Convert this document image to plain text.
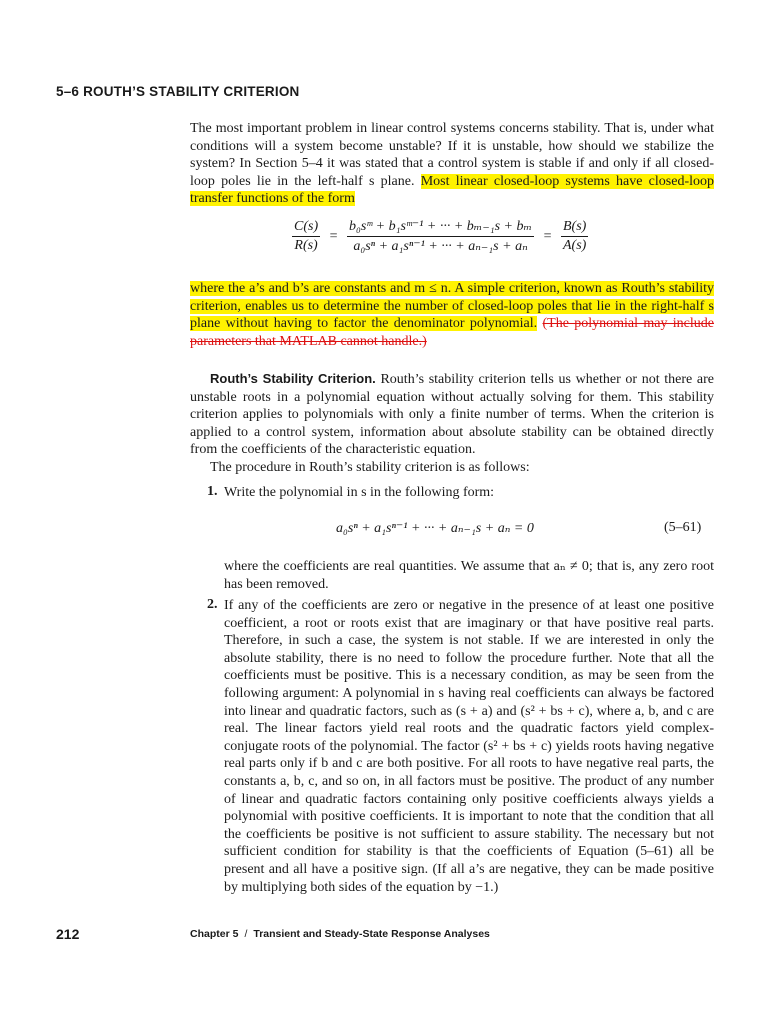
5–6 ROUTH’S STABILITY CRITERION
The most important problem in linear control systems concerns stability. That is, under what conditions will a system become unstable? If it is unstable, how should we stabilize the system? In Section 5–4 it was stated that a control system is stable if and only if all closed-loop poles lie in the left-half s plane. Most linear closed-loop systems have closed-loop transfer functions of the form
$\frac{C(s)}{R(s)} = \frac{\text{b₀sᵐ + b₁sᵐ⁻¹ + ··· + bₘ₋₁s + bₘ}}{\text{a₀sⁿ + a₁sⁿ⁻¹ + ··· + aₙ₋₁s + aₙ}} = \frac{B(s)}{A(s)}$
where the a’s and b’s are constants and m ≤ n. A simple criterion, known as Routh’s stability criterion, enables us to determine the number of closed-loop poles that lie in the right-half s plane without having to factor the denominator polynomial. (The polynomial may include parameters that MATLAB cannot handle.)
Routh’s Stability Criterion. Routh’s stability criterion tells us whether or not there are unstable roots in a polynomial equation without actually solving for them. This stability criterion applies to polynomials with only a finite number of terms. When the criterion is applied to a control system, information about absolute stability can be obtained directly from the coefficients of the characteristic equation.
The procedure in Routh’s stability criterion is as follows:
1. Write the polynomial in s in the following form:
a₀sⁿ + a₁sⁿ⁻¹ + ··· + aₙ₋₁s + aₙ = 0	(5–61)
where the coefficients are real quantities. We assume that aₙ ≠ 0; that is, any zero root has been removed.
2. If any of the coefficients are zero or negative in the presence of at least one positive coefficient, a root or roots exist that are imaginary or that have positive real parts. Therefore, in such a case, the system is not stable. If we are interested in only the absolute stability, there is no need to follow the procedure further. Note that all the coefficients must be positive. This is a necessary condition, as may be seen from the following argument: A polynomial in s having real coefficients can always be factored into linear and quadratic factors, such as (s + a) and (s² + bs + c), where a, b, and c are real. The linear factors yield real roots and the quadratic factors yield complex-conjugate roots of the polynomial. The factor (s² + bs + c) yields roots having negative real parts only if b and c are both positive. For all roots to have negative real parts, the constants a, b, c, and so on, in all factors must be positive. The product of any number of linear and quadratic factors containing only positive coefficients always yields a polynomial with positive coefficients. It is important to note that the condition that all the coefficients be positive is not sufficient to assure stability. The necessary but not sufficient condition for stability is that the coefficients of Equation (5–61) all be present and all have a positive sign. (If all a’s are negative, they can be made positive by multiplying both sides of the equation by −1.)
212	Chapter 5 / Transient and Steady-State Response Analyses
